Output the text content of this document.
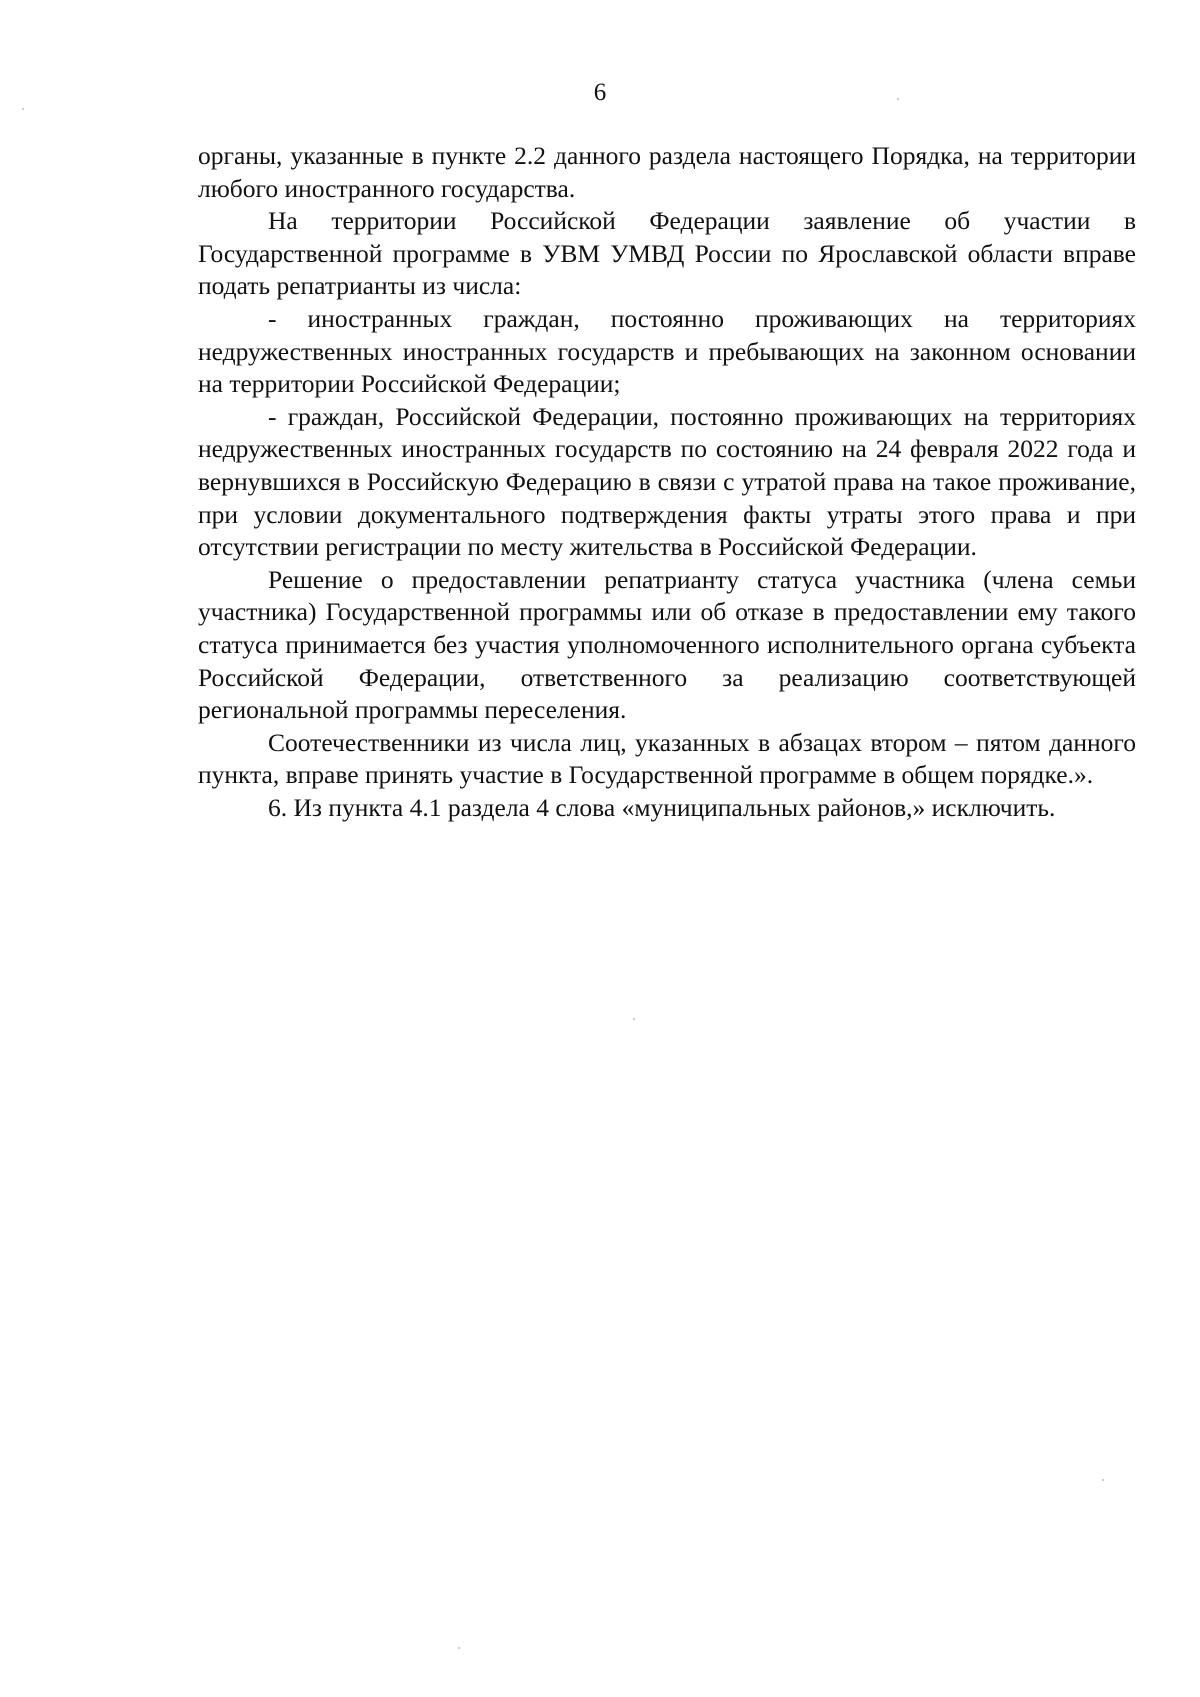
6

органы, указанные в пункте 2.2 данного раздела настоящего Порядка, на территории любого иностранного государства.

На территории Российской Федерации заявление об участии в Государственной программе в УВМ УМВД России по Ярославской области вправе подать репатрианты из числа:

- иностранных граждан, постоянно проживающих на территориях недружественных иностранных государств и пребывающих на законном основании на территории Российской Федерации;

- граждан, Российской Федерации, постоянно проживающих на территориях недружественных иностранных государств по состоянию на 24 февраля 2022 года и вернувшихся в Российскую Федерацию в связи с утратой права на такое проживание, при условии документального подтверждения факты утраты этого права и при отсутствии регистрации по месту жительства в Российской Федерации.

Решение о предоставлении репатрианту статуса участника (члена семьи участника) Государственной программы или об отказе в предоставлении ему такого статуса принимается без участия уполномоченного исполнительного органа субъекта Российской Федерации, ответственного за реализацию соответствующей региональной программы переселения.

Соотечественники из числа лиц, указанных в абзацах втором – пятом данного пункта, вправе принять участие в Государственной программе в общем порядке.».

6. Из пункта 4.1 раздела 4 слова «муниципальных районов,» исключить.
